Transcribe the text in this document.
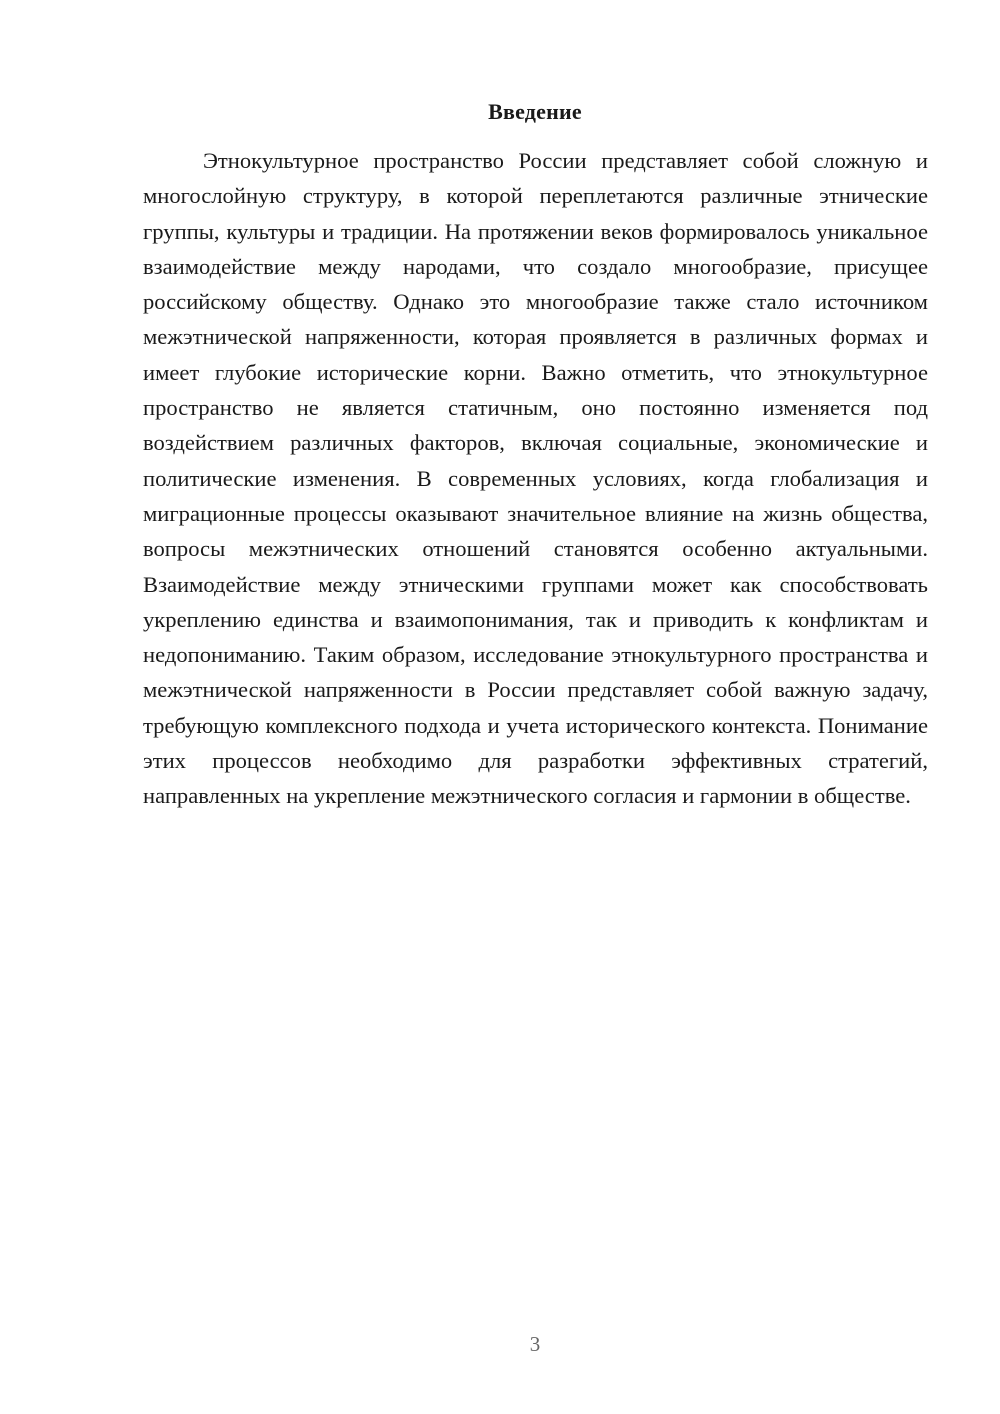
Введение

Этнокультурное пространство России представляет собой сложную и многослойную структуру, в которой переплетаются различные этнические группы, культуры и традиции. На протяжении веков формировалось уникальное взаимодействие между народами, что создало многообразие, присущее российскому обществу. Однако это многообразие также стало источником межэтнической напряженности, которая проявляется в различных формах и имеет глубокие исторические корни. Важно отметить, что этнокультурное пространство не является статичным, оно постоянно изменяется под воздействием различных факторов, включая социальные, экономические и политические изменения. В современных условиях, когда глобализация и миграционные процессы оказывают значительное влияние на жизнь общества, вопросы межэтнических отношений становятся особенно актуальными. Взаимодействие между этническими группами может как способствовать укреплению единства и взаимопонимания, так и приводить к конфликтам и недопониманию. Таким образом, исследование этнокультурного пространства и межэтнической напряженности в России представляет собой важную задачу, требующую комплексного подхода и учета исторического контекста. Понимание этих процессов необходимо для разработки эффективных стратегий, направленных на укрепление межэтнического согласия и гармонии в обществе.

3
